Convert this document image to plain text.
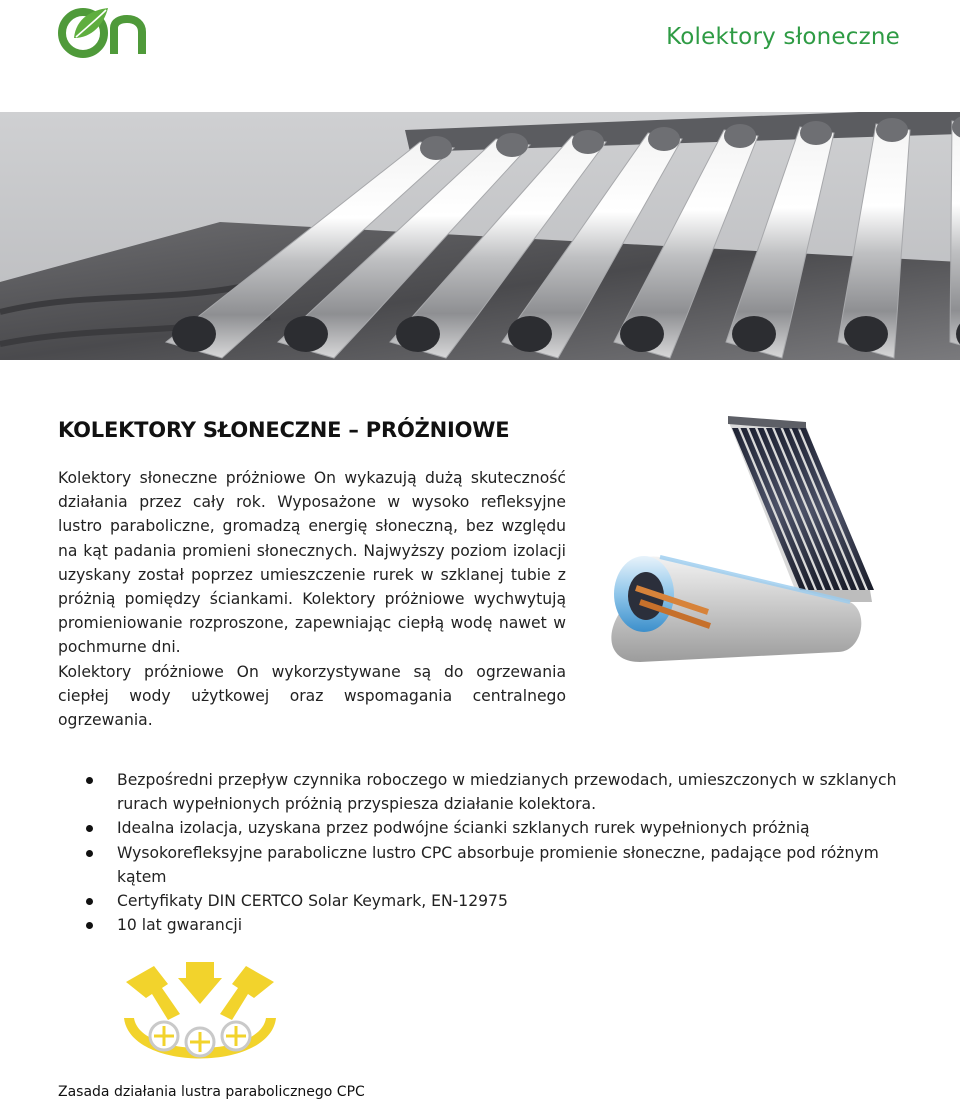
Kolektory słoneczne
KOLEKTORY SŁONECZNE – PRÓŻNIOWE

Kolektory słoneczne próżniowe On wykazują dużą skuteczność działania przez cały rok. Wyposażone w wysoko refleksyjne lustro paraboliczne, gromadzą energię słoneczną, bez względu na kąt padania promieni słonecznych. Najwyższy poziom izolacji uzyskany został poprzez umieszczenie rurek w szklanej tubie z próżnią pomiędzy ściankami. Kolektory próżniowe wychwytują promieniowanie rozproszone, zapewniając ciepłą wodę nawet w pochmurne dni.

Kolektory próżniowe On wykorzystywane są do ogrzewania ciepłej wody użytkowej oraz wspomagania centralnego ogrzewania.

Bezpośredni przepływ czynnika roboczego w miedzianych przewodach, umieszczonych w szklanych rurach wypełnionych próżnią przyspiesza działanie kolektora.
Idealna izolacja, uzyskana przez podwójne ścianki szklanych rurek wypełnionych próżnią
Wysokorefleksyjne paraboliczne lustro CPC absorbuje promienie słoneczne, padające pod różnym kątem
Certyfikaty DIN CERTCO Solar Keymark, EN-12975
10 lat gwarancji
Zasada działania lustra parabolicznego CPC
